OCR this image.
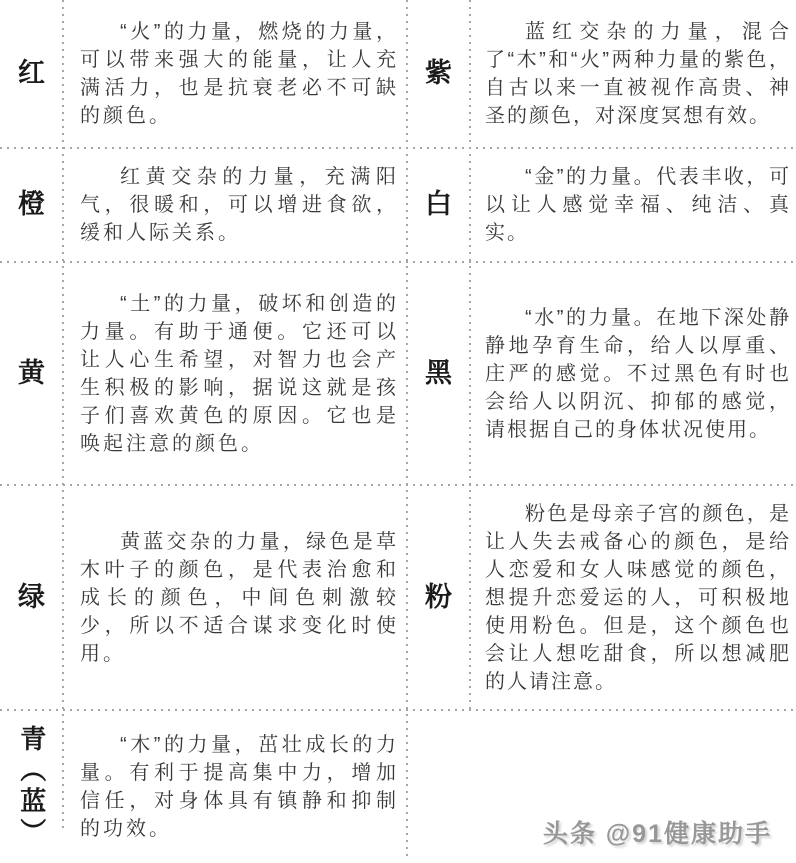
红

“火”的力量，燃烧的力量，可以带来强大的能量，让人充满活力，也是抗衰老必不可缺的颜色。

紫

蓝红交杂的力量，混合了“木”和“火”两种力量的紫色，自古以来一直被视作高贵、神圣的颜色，对深度冥想有效。

橙

红黄交杂的力量，充满阳气，很暖和，可以增进食欲，缓和人际关系。

白

“金”的力量。代表丰收，可以让人感觉幸福、纯洁、真实。

黄

“土”的力量，破坏和创造的力量。有助于通便。它还可以让人心生希望，对智力也会产生积极的影响，据说这就是孩子们喜欢黄色的原因。它也是唤起注意的颜色。

黑

“水”的力量。在地下深处静静地孕育生命，给人以厚重、庄严的感觉。不过黑色有时也会给人以阴沉、抑郁的感觉，请根据自己的身体状况使用。

绿

黄蓝交杂的力量，绿色是草木叶子的颜色，是代表治愈和成长的颜色，中间色刺激较少，所以不适合谋求变化时使用。

粉

粉色是母亲子宫的颜色，是让人失去戒备心的颜色，是给人恋爱和女人味感觉的颜色，想提升恋爱运的人，可积极地使用粉色。但是，这个颜色也会让人想吃甜食，所以想减肥的人请注意。

青（蓝）	“木”的力量，茁壮成长的力量。有利于提高集中力，增加信任，对身体具有镇静和抑制的功效。	头条 @91健康助手
